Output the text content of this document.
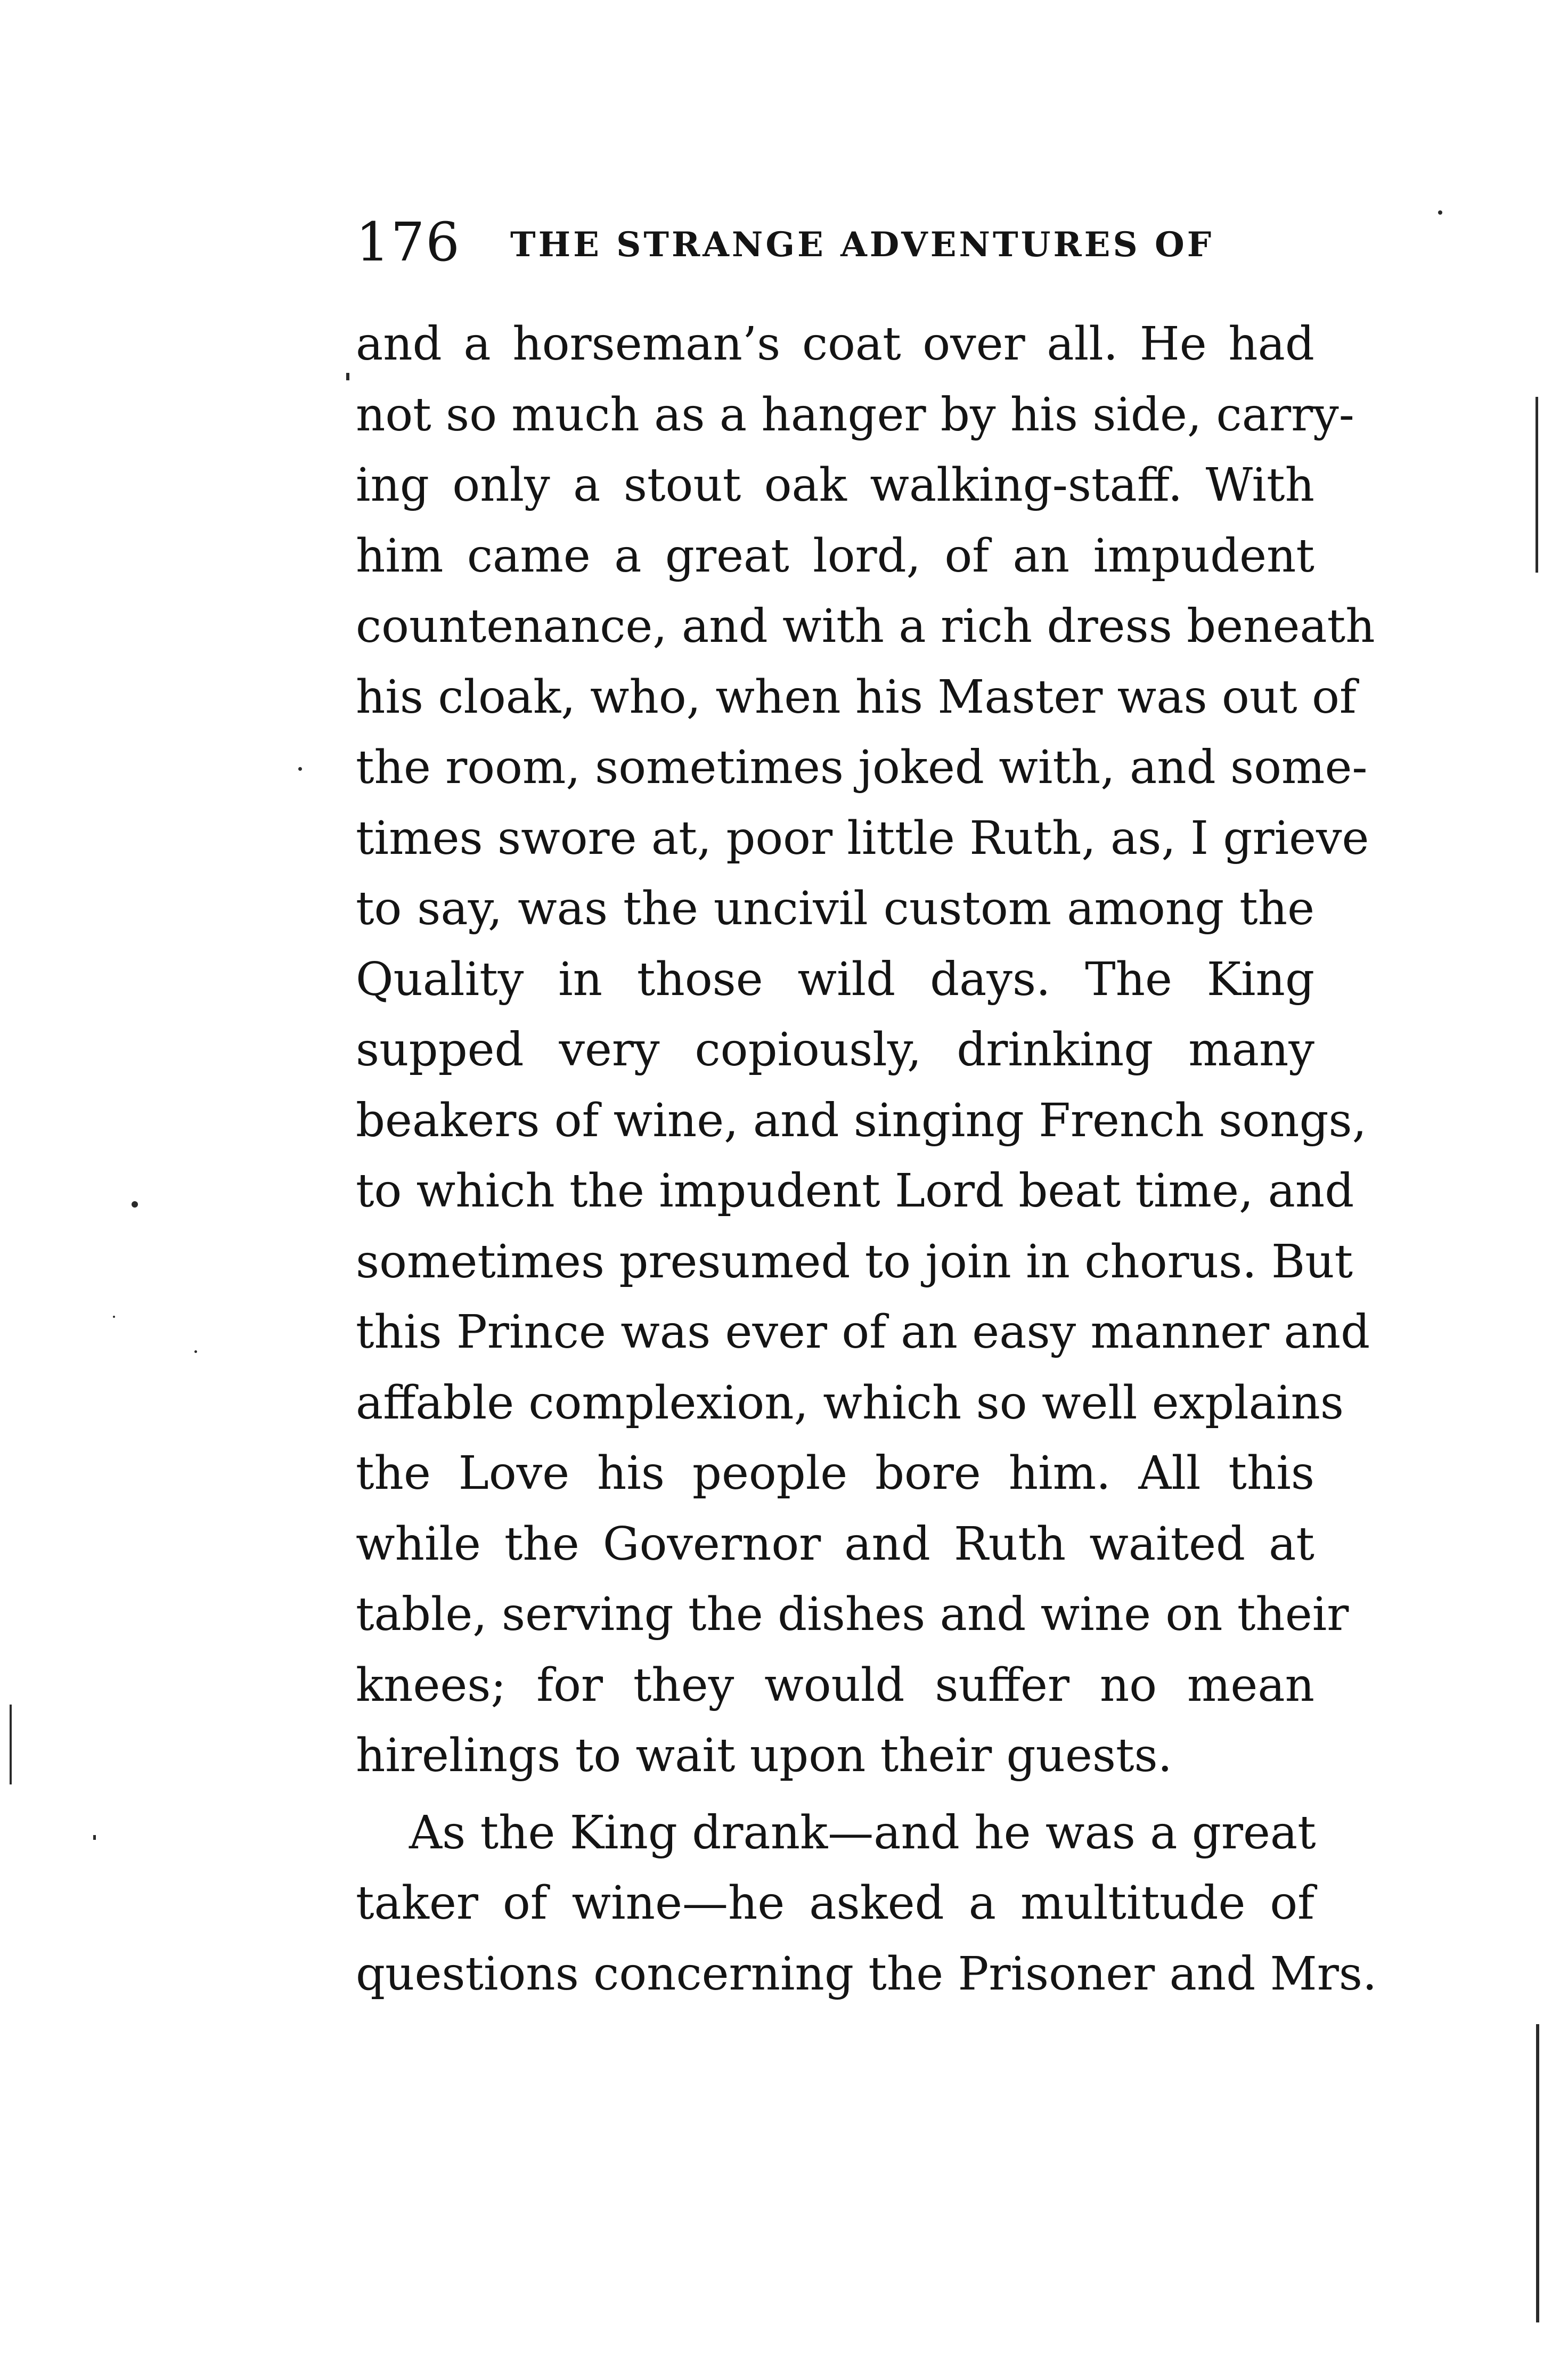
176 THE STRANGE ADVENTURES OF
and a horseman’s coat over all. He had
not so much as a hanger by his side, carry-
ing only a stout oak walking-staff. With
him came a great lord, of an impudent
countenance, and with a rich dress beneath
his cloak, who, when his Master was out of
the room, sometimes joked with, and some-
times swore at, poor little Ruth, as, I grieve
to say, was the uncivil custom among the
Quality in those wild days. The King
supped very copiously, drinking many
beakers of wine, and singing French songs,
to which the impudent Lord beat time, and
sometimes presumed to join in chorus. But
this Prince was ever of an easy manner and
affable complexion, which so well explains
the Love his people bore him. All this
while the Governor and Ruth waited at
table, serving the dishes and wine on their
knees; for they would suffer no mean
hirelings to wait upon their guests.
As the King drank—and he was a great
taker of wine—he asked a multitude of
questions concerning the Prisoner and Mrs.
